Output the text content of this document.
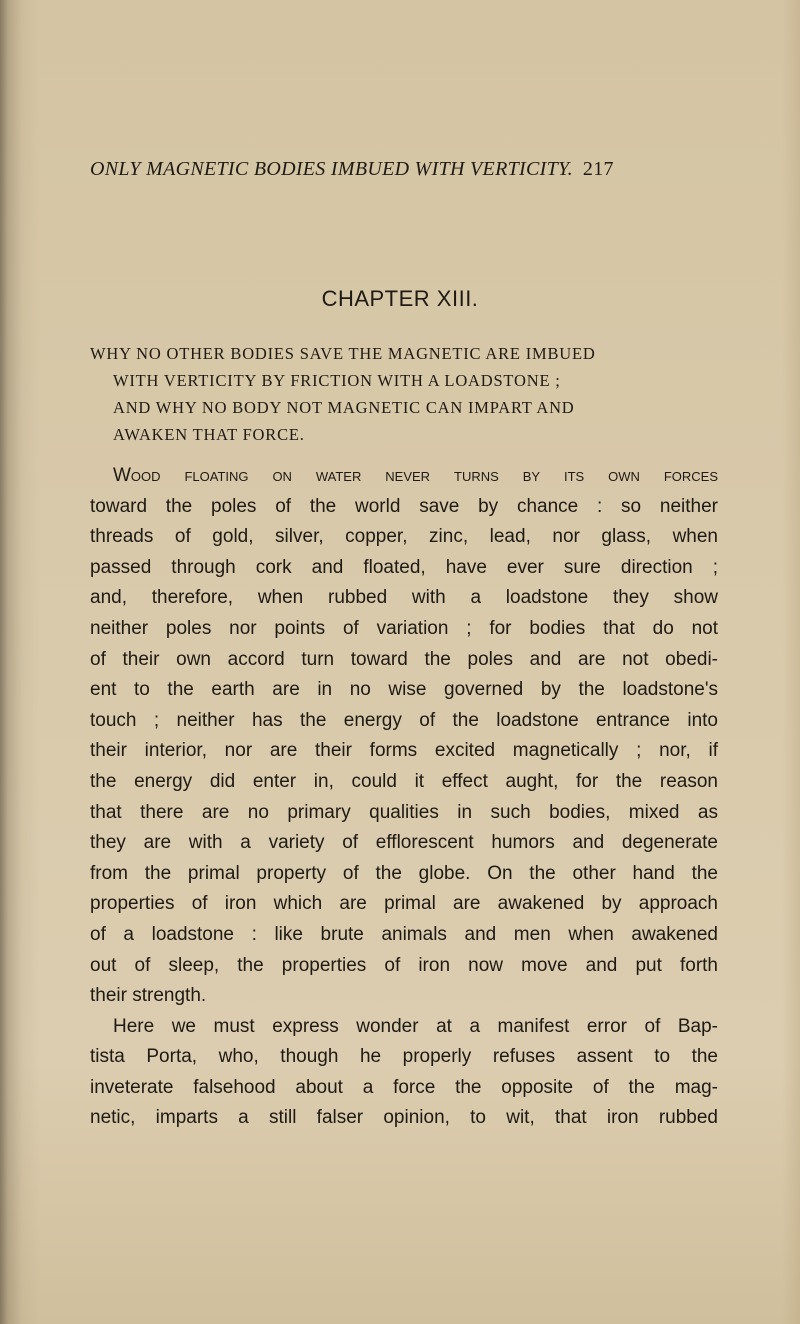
ONLY MAGNETIC BODIES IMBUED WITH VERTICITY. 217
CHAPTER XIII.
WHY NO OTHER BODIES SAVE THE MAGNETIC ARE IMBUED
WITH VERTICITY BY FRICTION WITH A LOADSTONE ;
AND WHY NO BODY NOT MAGNETIC CAN IMPART AND
AWAKEN THAT FORCE.
Wood floating on water never turns by its own forces
toward the poles of the world save by chance : so neither
threads of gold, silver, copper, zinc, lead, nor glass, when
passed through cork and floated, have ever sure direction ;
and, therefore, when rubbed with a loadstone they show
neither poles nor points of variation ; for bodies that do not
of their own accord turn toward the poles and are not obedi-
ent to the earth are in no wise governed by the loadstone's
touch ; neither has the energy of the loadstone entrance into
their interior, nor are their forms excited magnetically ; nor, if
the energy did enter in, could it effect aught, for the reason
that there are no primary qualities in such bodies, mixed as
they are with a variety of efflorescent humors and degenerate
from the primal property of the globe. On the other hand the
properties of iron which are primal are awakened by approach
of a loadstone : like brute animals and men when awakened
out of sleep, the properties of iron now move and put forth
their strength.
Here we must express wonder at a manifest error of Bap-
tista Porta, who, though he properly refuses assent to the
inveterate falsehood about a force the opposite of the mag-
netic, imparts a still falser opinion, to wit, that iron rubbed
